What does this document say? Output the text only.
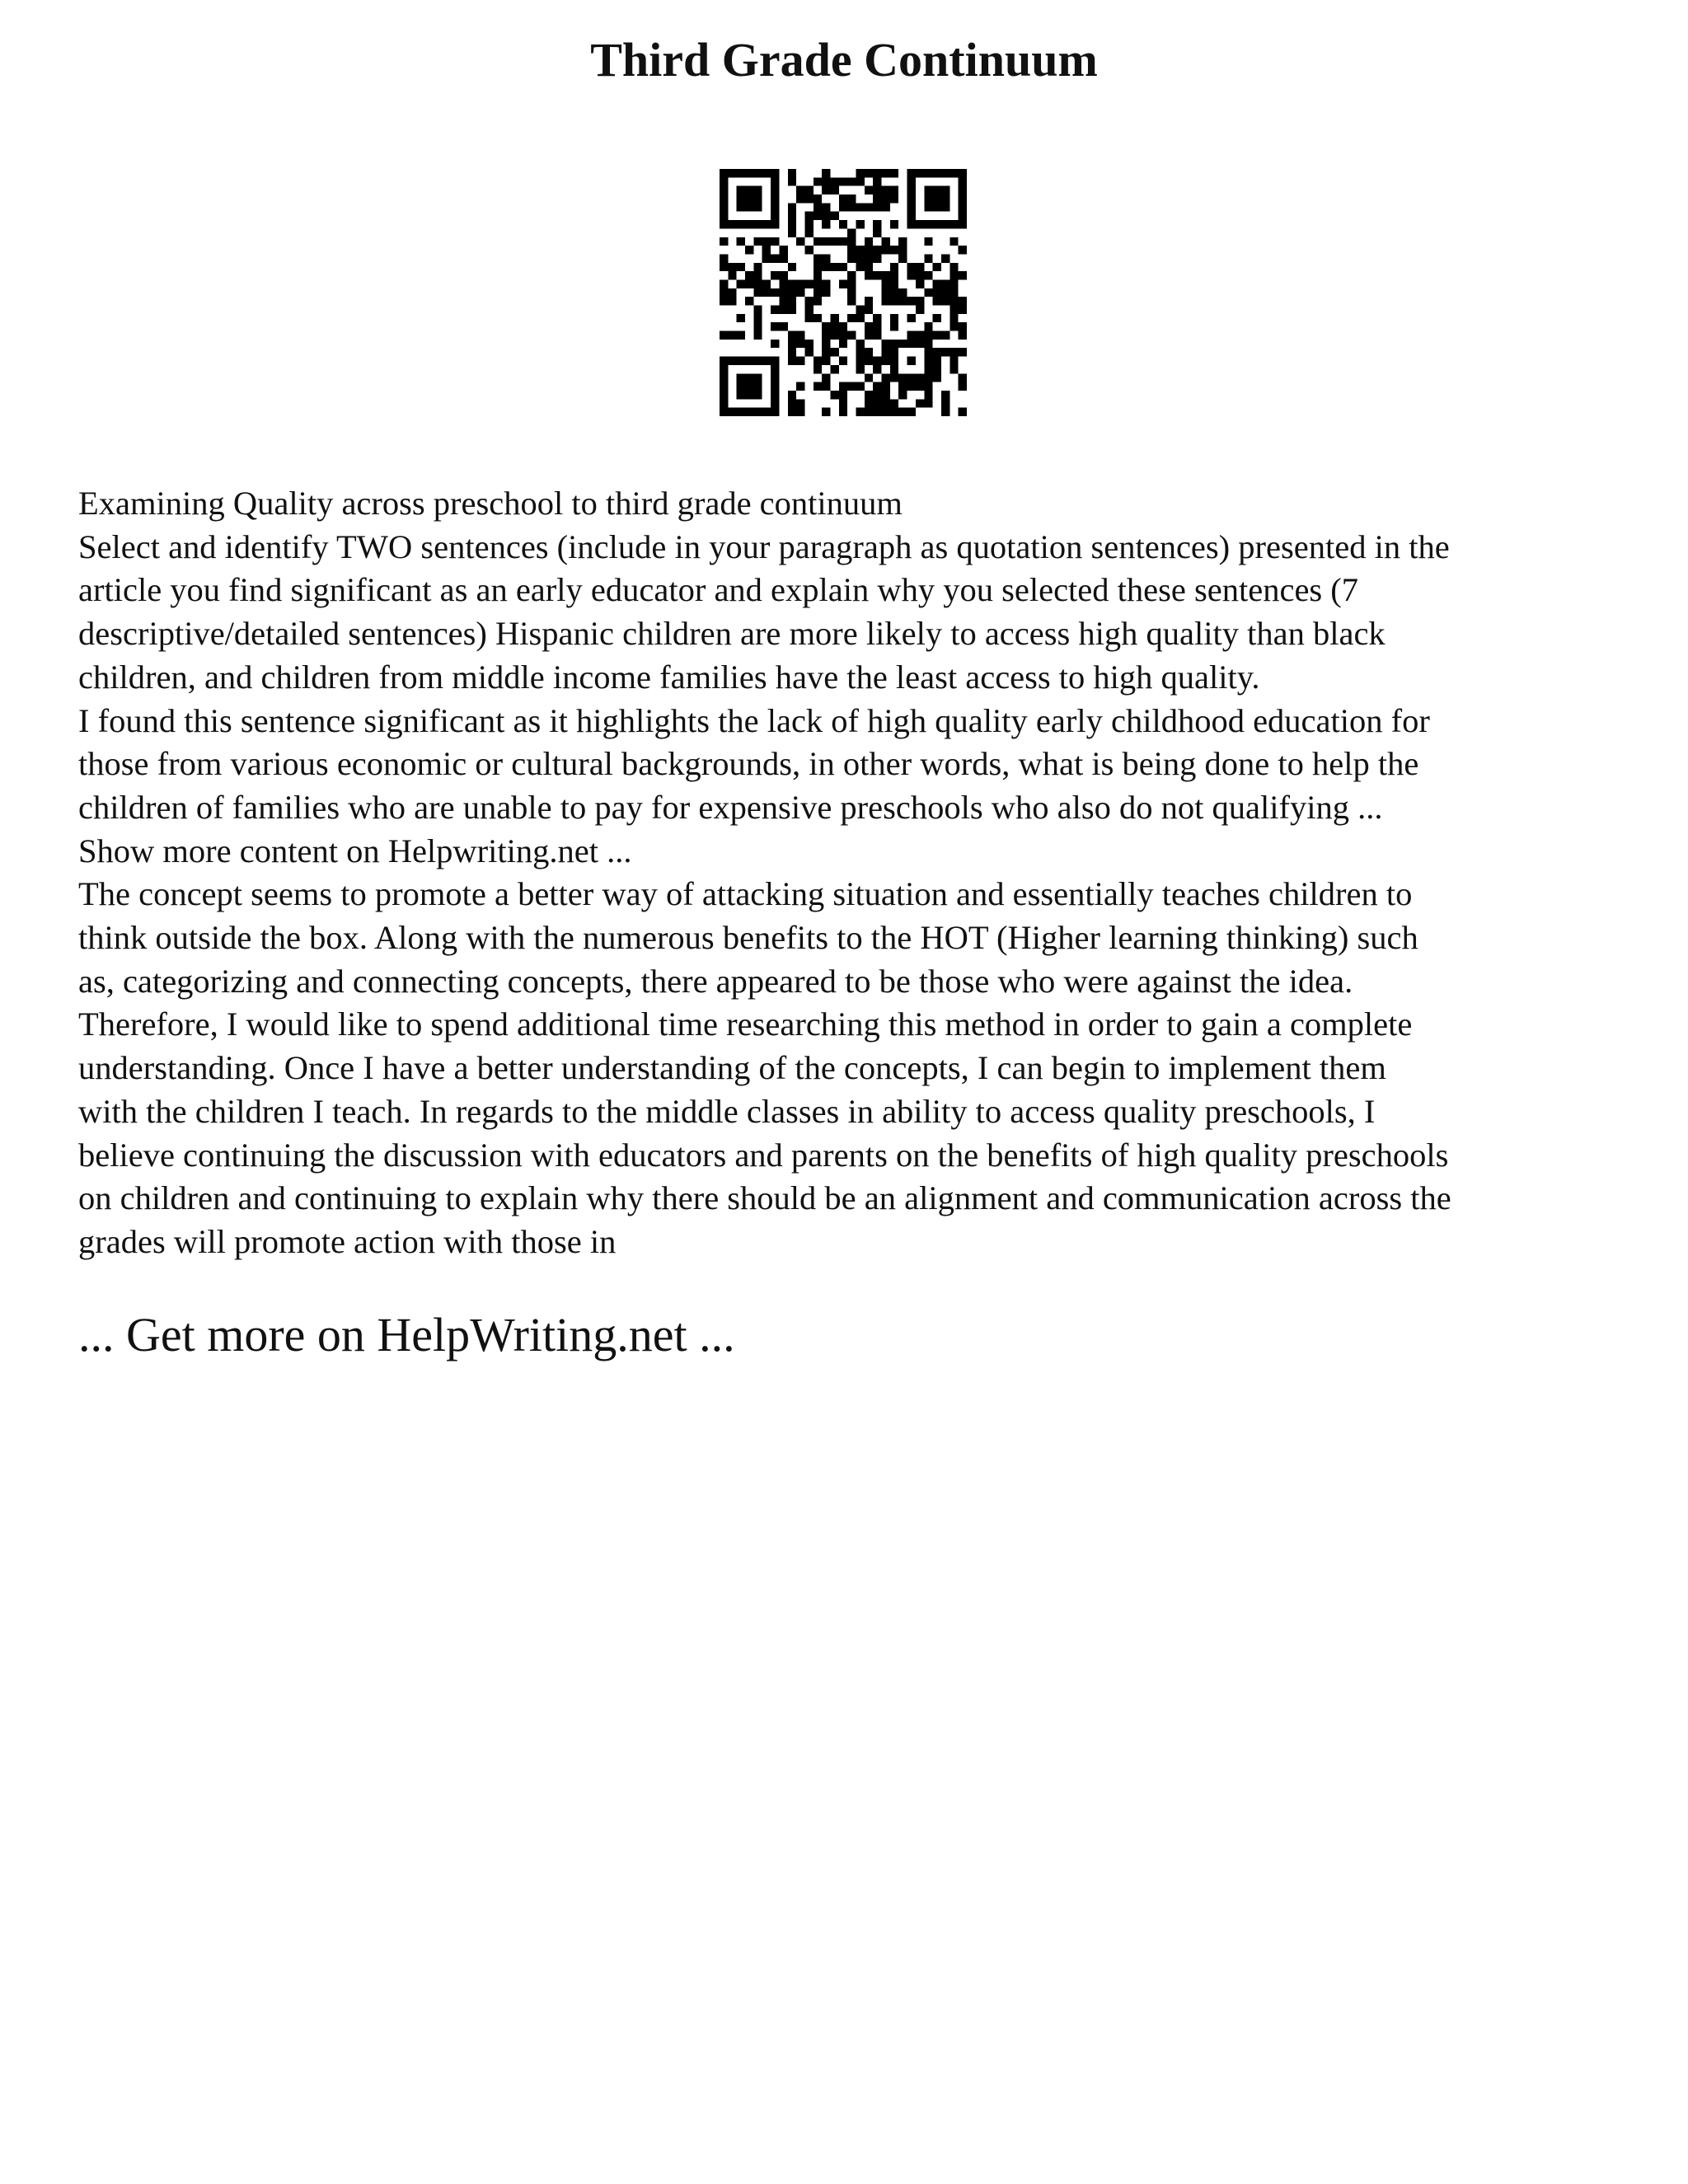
Third Grade Continuum

Examining Quality across preschool to third grade continuum

Select and identify TWO sentences (include in your paragraph as quotation sentences) presented in the
article you find significant as an early educator and explain why you selected these sentences (7
descriptive/detailed sentences) Hispanic children are more likely to access high quality than black
children, and children from middle income families have the least access to high quality.

I found this sentence significant as it highlights the lack of high quality early childhood education for
those from various economic or cultural backgrounds, in other words, what is being done to help the
children of families who are unable to pay for expensive preschools who also do not qualifying ...

Show more content on Helpwriting.net ...

The concept seems to promote a better way of attacking situation and essentially teaches children to
think outside the box. Along with the numerous benefits to the HOT (Higher learning thinking) such
as, categorizing and connecting concepts, there appeared to be those who were against the idea.
Therefore, I would like to spend additional time researching this method in order to gain a complete
understanding. Once I have a better understanding of the concepts, I can begin to implement them
with the children I teach. In regards to the middle classes in ability to access quality preschools, I
believe continuing the discussion with educators and parents on the benefits of high quality preschools
on children and continuing to explain why there should be an alignment and communication across the
grades will promote action with those in

... Get more on HelpWriting.net ...
